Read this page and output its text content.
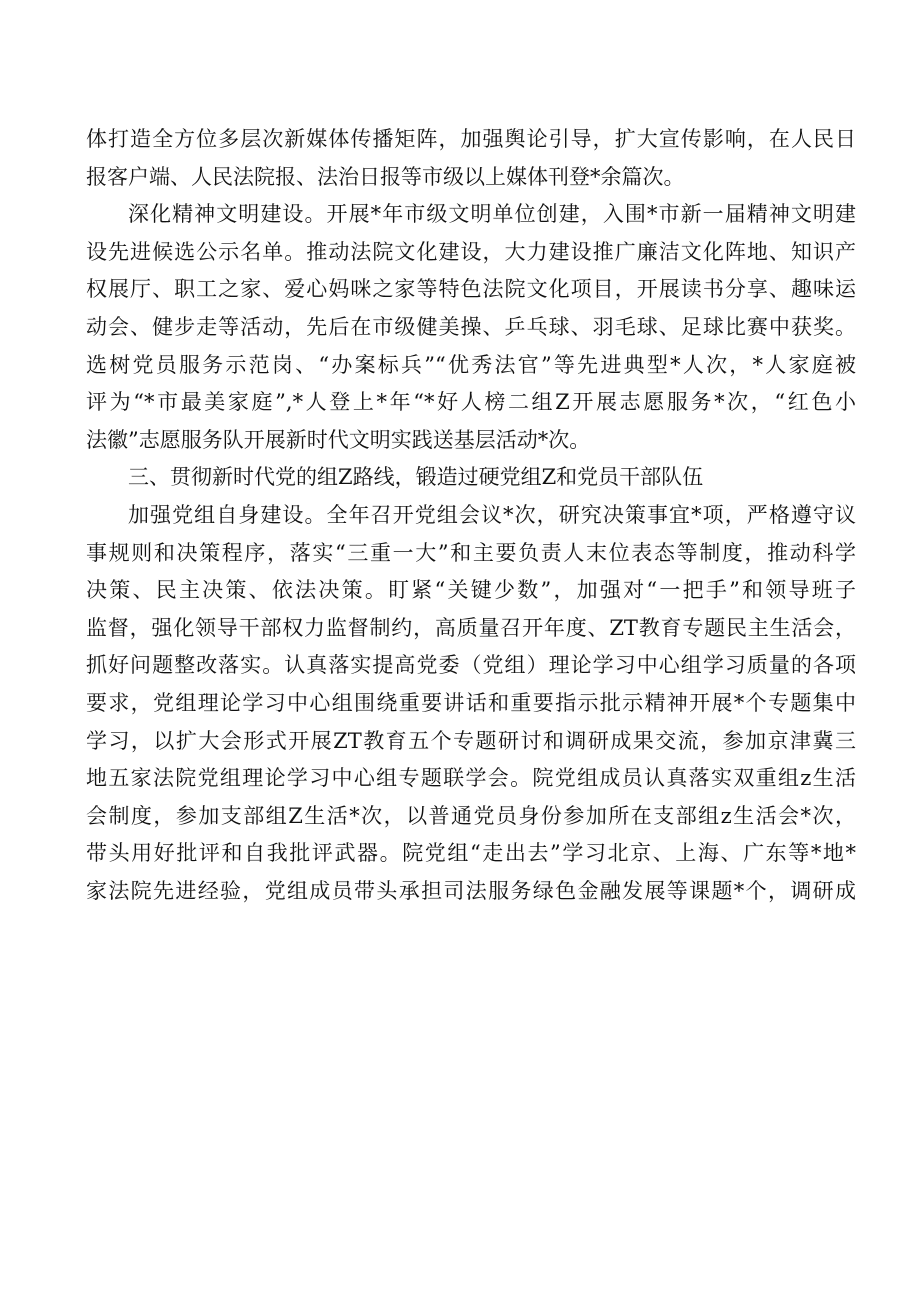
体打造全方位多层次新媒体传播矩阵，加强舆论引导，扩大宣传影响，在人民日
报客户端、人民法院报、法治日报等市级以上媒体刊登*余篇次。
深化精神文明建设。开展*年市级文明单位创建，入围*市新一届精神文明建
设先进候选公示名单。推动法院文化建设，大力建设推广廉洁文化阵地、知识产
权展厅、职工之家、爱心妈咪之家等特色法院文化项目，开展读书分享、趣味运
动会、健步走等活动，先后在市级健美操、乒乓球、羽毛球、足球比赛中获奖。
选树党员服务示范岗、“办案标兵”“优秀法官”等先进典型*人次，*人家庭被
评为“*市最美家庭”,*人登上*年“*好人榜二组Z开展志愿服务*次，“红色小
法徽”志愿服务队开展新时代文明实践送基层活动*次。
三、贯彻新时代党的组Z路线，锻造过硬党组Z和党员干部队伍
加强党组自身建设。全年召开党组会议*次，研究决策事宜*项，严格遵守议
事规则和决策程序，落实“三重一大”和主要负责人末位表态等制度，推动科学
决策、民主决策、依法决策。盯紧“关键少数”，加强对“一把手”和领导班子
监督，强化领导干部权力监督制约，高质量召开年度、ZT教育专题民主生活会，
抓好问题整改落实。认真落实提高党委（党组）理论学习中心组学习质量的各项
要求，党组理论学习中心组围绕重要讲话和重要指示批示精神开展*个专题集中
学习，以扩大会形式开展ZT教育五个专题研讨和调研成果交流，参加京津冀三
地五家法院党组理论学习中心组专题联学会。院党组成员认真落实双重组z生活
会制度，参加支部组Z生活*次，以普通党员身份参加所在支部组z生活会*次，
带头用好批评和自我批评武器。院党组“走出去”学习北京、上海、广东等*地*
家法院先进经验，党组成员带头承担司法服务绿色金融发展等课题*个，调研成
